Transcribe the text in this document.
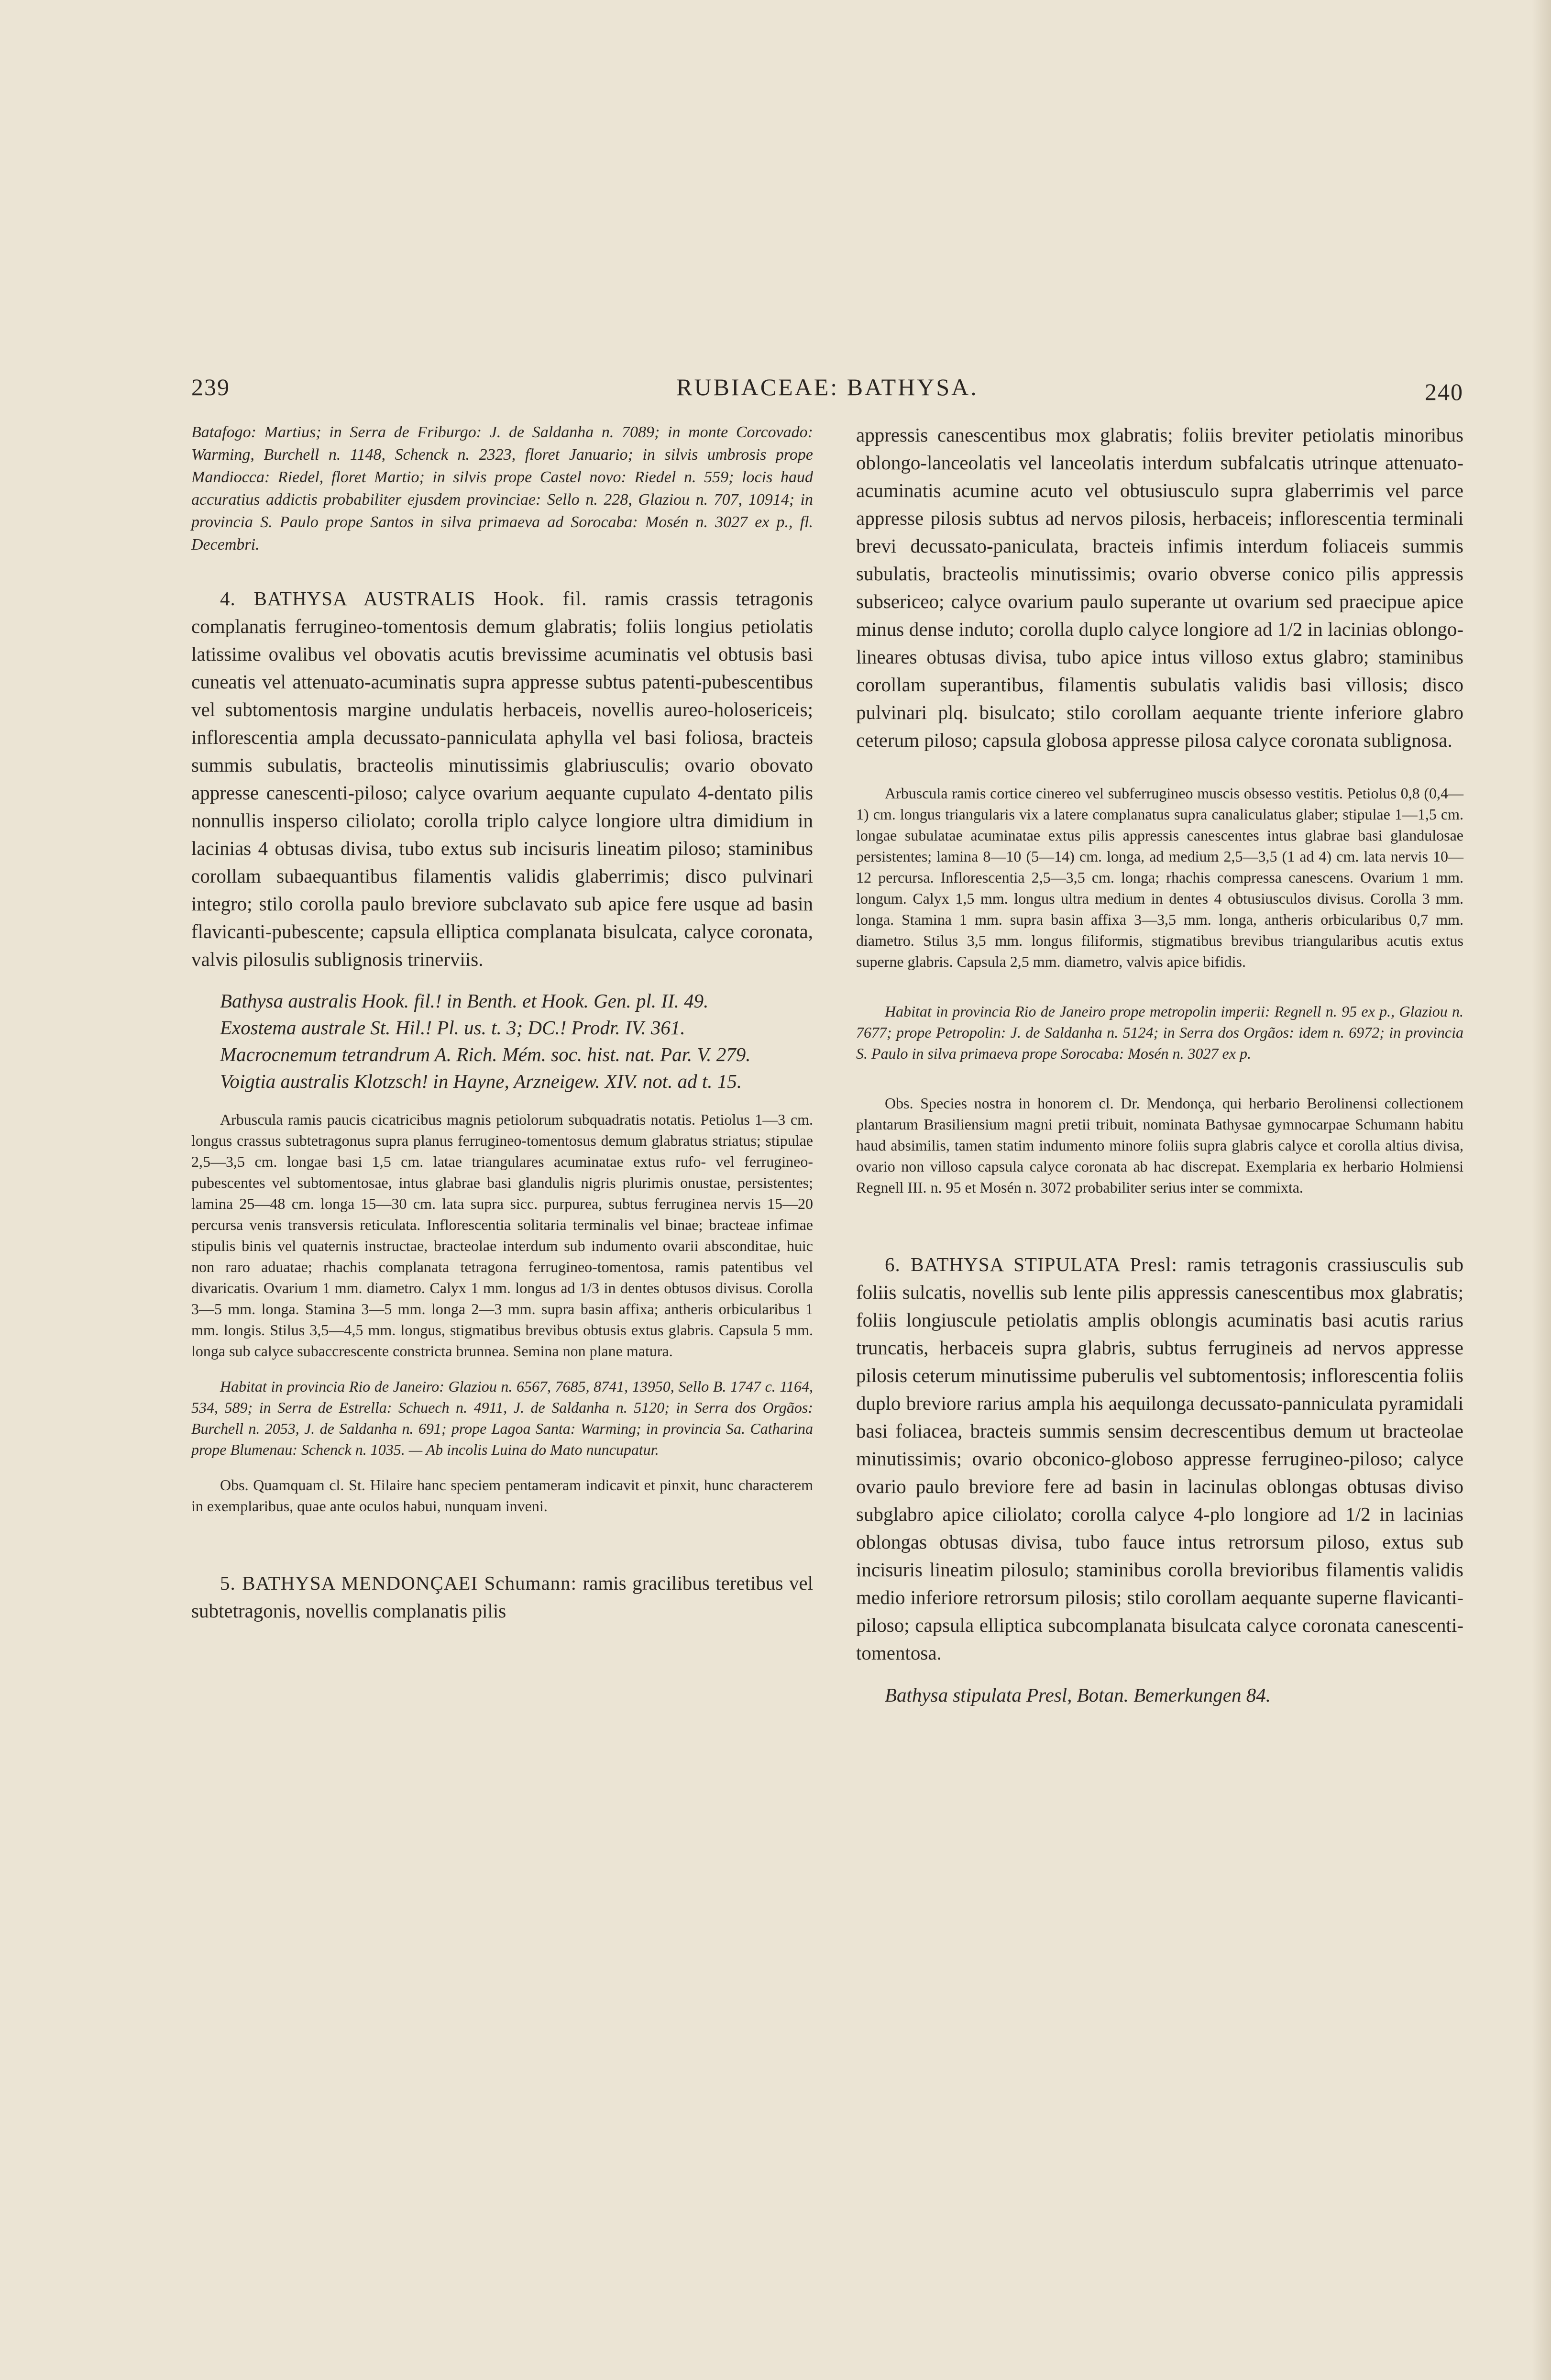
239	RUBIACEAE: BATHYSA.	240

Batafogo: Martius; in Serra de Friburgo: J. de Saldanha n. 7089; in monte Corcovado: Warming, Burchell n. 1148, Schenck n. 2323, floret Januario; in silvis umbrosis prope Mandiocca: Riedel, floret Martio; in silvis prope Castel novo: Riedel n. 559; locis haud accuratius addictis probabiliter ejusdem provinciae: Sello n. 228, Glaziou n. 707, 10914; in provincia S. Paulo prope Santos in silva primaeva ad Sorocaba: Mosén n. 3027 ex p., fl. Decembri.

4. BATHYSA AUSTRALIS Hook. fil. ramis crassis tetragonis complanatis ferrugineo-tomentosis demum glabratis; foliis longius petiolatis latissime ovalibus vel obovatis acutis brevissime acuminatis vel obtusis basi cuneatis vel attenuato-acuminatis supra appresse subtus patenti-pubescentibus vel subtomentosis margine undulatis herbaceis, novellis aureo-holosericeis; inflorescentia ampla decussato-panniculata aphylla vel basi foliosa, bracteis summis subulatis, bracteolis minutissimis glabriusculis; ovario obovato appresse canescenti-piloso; calyce ovarium aequante cupulato 4-dentato pilis nonnullis insperso ciliolato; corolla triplo calyce longiore ultra dimidium in lacinias 4 obtusas divisa, tubo extus sub incisuris lineatim piloso; staminibus corollam subaequantibus filamentis validis glaberrimis; disco pulvinari integro; stilo corolla paulo breviore subclavato sub apice fere usque ad basin flavicanti-pubescente; capsula elliptica complanata bisulcata, calyce coronata, valvis pilosulis sublignosis trinerviis.

Bathysa australis Hook. fil.! in Benth. et Hook. Gen. pl. II. 49.

Exostema australe St. Hil.! Pl. us. t. 3; DC.! Prodr. IV. 361.

Macrocnemum tetrandrum A. Rich. Mém. soc. hist. nat. Par. V. 279.

Voigtia australis Klotzsch! in Hayne, Arzneigew. XIV. not. ad t. 15.

Arbuscula ramis paucis cicatricibus magnis petiolorum subquadratis notatis. Petiolus 1—3 cm. longus crassus subtetragonus supra planus ferrugineo-tomentosus demum glabratus striatus; stipulae 2,5—3,5 cm. longae basi 1,5 cm. latae triangulares acuminatae extus rufo- vel ferrugineo-pubescentes vel subtomentosae, intus glabrae basi glandulis nigris plurimis onustae, persistentes; lamina 25—48 cm. longa 15—30 cm. lata supra sicc. purpurea, subtus ferruginea nervis 15—20 percursa venis transversis reticulata. Inflorescentia solitaria terminalis vel binae; bracteae infimae stipulis binis vel quaternis instructae, bracteolae interdum sub indumento ovarii absconditae, huic non raro aduatae; rhachis complanata tetragona ferrugineo-tomentosa, ramis patentibus vel divaricatis. Ovarium 1 mm. diametro. Calyx 1 mm. longus ad 1/3 in dentes obtusos divisus. Corolla 3—5 mm. longa. Stamina 3—5 mm. longa 2—3 mm. supra basin affixa; antheris orbicularibus 1 mm. longis. Stilus 3,5—4,5 mm. longus, stigmatibus brevibus obtusis extus glabris. Capsula 5 mm. longa sub calyce subaccrescente constricta brunnea. Semina non plane matura.

Habitat in provincia Rio de Janeiro: Glaziou n. 6567, 7685, 8741, 13950, Sello B. 1747 c. 1164, 534, 589; in Serra de Estrella: Schuech n. 4911, J. de Saldanha n. 5120; in Serra dos Orgãos: Burchell n. 2053, J. de Saldanha n. 691; prope Lagoa Santa: Warming; in provincia Sa. Catharina prope Blumenau: Schenck n. 1035. — Ab incolis Luina do Mato nuncupatur.

Obs. Quamquam cl. St. Hilaire hanc speciem pentameram indicavit et pinxit, hunc characterem in exemplaribus, quae ante oculos habui, nunquam inveni.

5. BATHYSA MENDONÇAEI Schumann: ramis gracilibus teretibus vel subtetragonis, novellis complanatis pilis

appressis canescentibus mox glabratis; foliis breviter petiolatis minoribus oblongo-lanceolatis vel lanceolatis interdum subfalcatis utrinque attenuato-acuminatis acumine acuto vel obtusiusculo supra glaberrimis vel parce appresse pilosis subtus ad nervos pilosis, herbaceis; inflorescentia terminali brevi decussato-paniculata, bracteis infimis interdum foliaceis summis subulatis, bracteolis minutissimis; ovario obverse conico pilis appressis subsericeo; calyce ovarium paulo superante ut ovarium sed praecipue apice minus dense induto; corolla duplo calyce longiore ad 1/2 in lacinias oblongo-lineares obtusas divisa, tubo apice intus villoso extus glabro; staminibus corollam superantibus, filamentis subulatis validis basi villosis; disco pulvinari plq. bisulcato; stilo corollam aequante triente inferiore glabro ceterum piloso; capsula globosa appresse pilosa calyce coronata sublignosa.

Arbuscula ramis cortice cinereo vel subferrugineo muscis obsesso vestitis. Petiolus 0,8 (0,4—1) cm. longus triangularis vix a latere complanatus supra canaliculatus glaber; stipulae 1—1,5 cm. longae subulatae acuminatae extus pilis appressis canescentes intus glabrae basi glandulosae persistentes; lamina 8—10 (5—14) cm. longa, ad medium 2,5—3,5 (1 ad 4) cm. lata nervis 10—12 percursa. Inflorescentia 2,5—3,5 cm. longa; rhachis compressa canescens. Ovarium 1 mm. longum. Calyx 1,5 mm. longus ultra medium in dentes 4 obtusiusculos divisus. Corolla 3 mm. longa. Stamina 1 mm. supra basin affixa 3—3,5 mm. longa, antheris orbicularibus 0,7 mm. diametro. Stilus 3,5 mm. longus filiformis, stigmatibus brevibus triangularibus acutis extus superne glabris. Capsula 2,5 mm. diametro, valvis apice bifidis.

Habitat in provincia Rio de Janeiro prope metropolin imperii: Regnell n. 95 ex p., Glaziou n. 7677; prope Petropolin: J. de Saldanha n. 5124; in Serra dos Orgãos: idem n. 6972; in provincia S. Paulo in silva primaeva prope Sorocaba: Mosén n. 3027 ex p.

Obs. Species nostra in honorem cl. Dr. Mendonça, qui herbario Berolinensi collectionem plantarum Brasiliensium magni pretii tribuit, nominata Bathysae gymnocarpae Schumann habitu haud absimilis, tamen statim indumento minore foliis supra glabris calyce et corolla altius divisa, ovario non villoso capsula calyce coronata ab hac discrepat. Exemplaria ex herbario Holmiensi Regnell III. n. 95 et Mosén n. 3072 probabiliter serius inter se commixta.

6. BATHYSA STIPULATA Presl: ramis tetragonis crassiusculis sub foliis sulcatis, novellis sub lente pilis appressis canescentibus mox glabratis; foliis longiuscule petiolatis amplis oblongis acuminatis basi acutis rarius truncatis, herbaceis supra glabris, subtus ferrugineis ad nervos appresse pilosis ceterum minutissime puberulis vel subtomentosis; inflorescentia foliis duplo breviore rarius ampla his aequilonga decussato-panniculata pyramidali basi foliacea, bracteis summis sensim decrescentibus demum ut bracteolae minutissimis; ovario obconico-globoso appresse ferrugineo-piloso; calyce ovario paulo breviore fere ad basin in lacinulas oblongas obtusas diviso subglabro apice ciliolato; corolla calyce 4-plo longiore ad 1/2 in lacinias oblongas obtusas divisa, tubo fauce intus retrorsum piloso, extus sub incisuris lineatim pilosulo; staminibus corolla brevioribus filamentis validis medio inferiore retrorsum pilosis; stilo corollam aequante superne flavicanti-piloso; capsula elliptica subcomplanata bisulcata calyce coronata canescenti-tomentosa.

Bathysa stipulata Presl, Botan. Bemerkungen 84.
